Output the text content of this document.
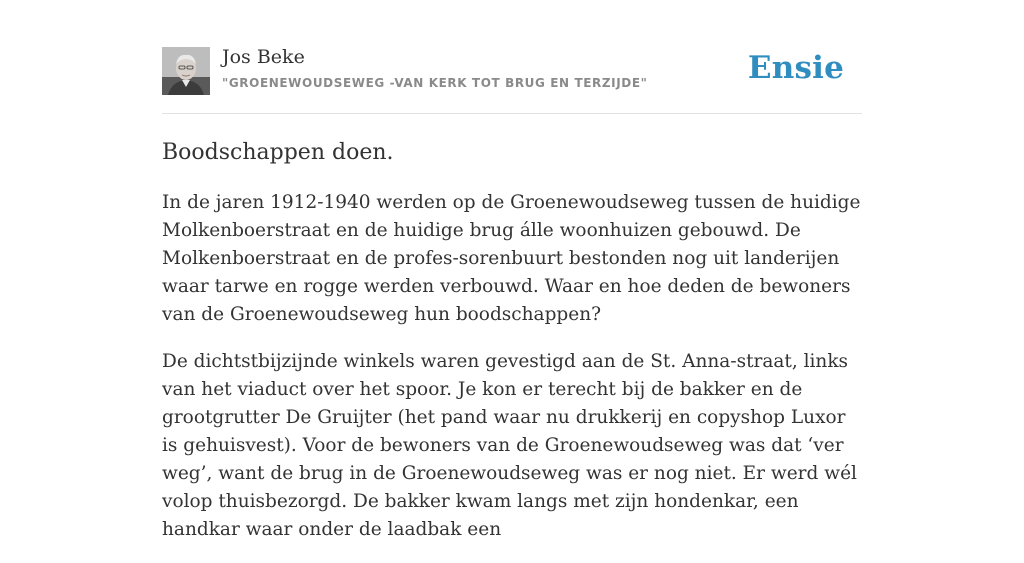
Jos Beke
"GROENEWOUDSEWEG -VAN KERK TOT BRUG EN TERZIJDE"	Ensie
Boodschappen doen.

In de jaren 1912-1940 werden op de Groenewoudseweg tussen de huidige Molkenboerstraat en de huidige brug álle woonhuizen gebouwd. De Molkenboerstraat en de profes-sorenbuurt bestonden nog uit landerijen waar tarwe en rogge werden verbouwd. Waar en hoe deden de bewoners van de Groenewoudseweg hun boodschappen?

De dichtstbijzijnde winkels waren gevestigd aan de St. Anna-straat, links van het viaduct over het spoor. Je kon er terecht bij de bakker en de grootgrutter De Gruijter (het pand waar nu drukkerij en copyshop Luxor is gehuisvest). Voor de bewoners van de Groenewoudseweg was dat ‘ver weg’, want de brug in de Groenewoudseweg was er nog niet. Er werd wél volop thuisbezorgd. De bakker kwam langs met zijn hondenkar, een handkar waar onder de laadbak een
